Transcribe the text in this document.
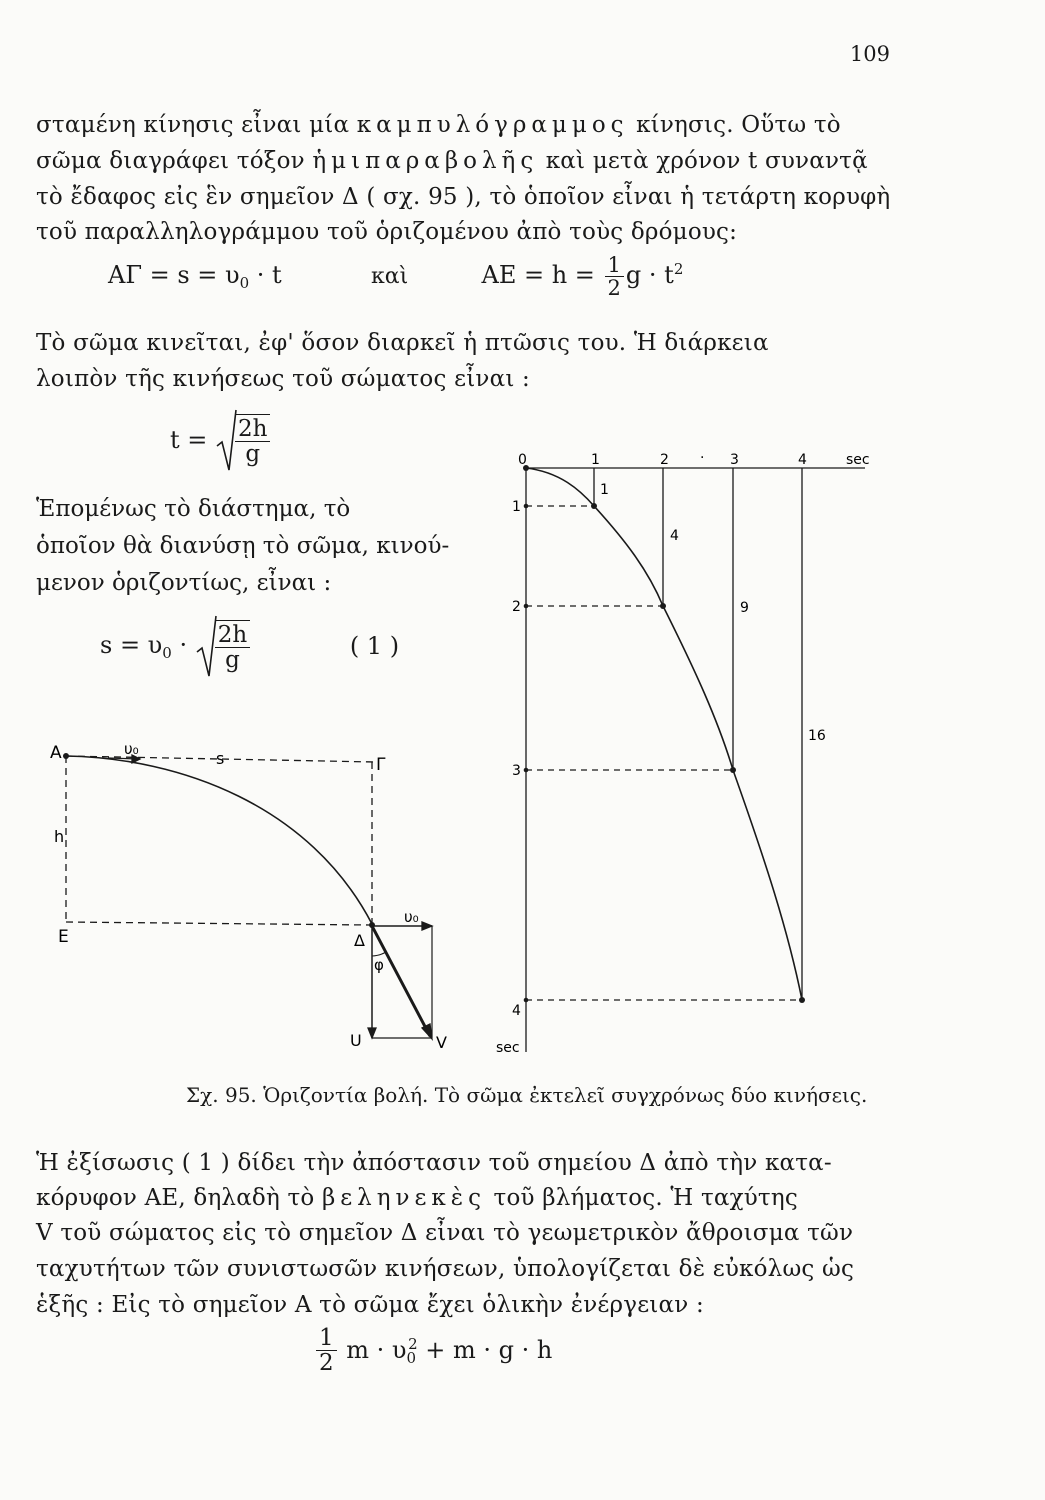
109
σταμένη κίνησις εἶναι μία καμπυλόγραμμος κίνησις. Οὕτω τὸ
σῶμα διαγράφει τόξον ἡμιπαραβολῆς καὶ μετὰ χρόνον t συναντᾷ
τὸ ἔδαφος εἰς ἓν σημεῖον Δ ( σχ. 95 ), τὸ ὁποῖον εἶναι ἡ τετάρτη κορυφὴ
τοῦ παραλληλογράμμου τοῦ ὁριζομένου ἀπὸ τοὺς δρόμους:
$A\Gamma = s = \upsilon_0 \cdot t$	καὶ	$AE = h = \frac{1}{2}$ $g \cdot t^2$
Τὸ σῶμα κινεῖται, ἐφ' ὅσον διαρκεῖ ἡ πτῶσις του. Ἡ διάρκεια
λοιπὸν τῆς κινήσεως τοῦ σώματος εἶναι :
$t = \frac{2h}{g}$
Ἑπομένως τὸ διάστημα, τὸ
ὁποῖον θὰ διανύσῃ τὸ σῶμα, κινού-
μενον ὁριζοντίως, εἶναι :
$s = \upsilon_0 \cdot \frac{2h}{g}$	( 1 )
A
Γ
E	Δ
υ₀	s
h
υ₀
φ
U	V
0	1	2 · 3	4	sec
1
2
3
4
sec
1
4
9
16
Σχ. 95. Ὁριζοντία βολή. Τὸ σῶμα ἐκτελεῖ συγχρόνως δύο κινήσεις.
Ἡ ἐξίσωσις ( 1 ) δίδει τὴν ἀπόστασιν τοῦ σημείου Δ ἀπὸ τὴν κατα-
κόρυφον ΑΕ, δηλαδὴ τὸ βεληνεκὲς τοῦ βλήματος. Ἡ ταχύτης
V τοῦ σώματος εἰς τὸ σημεῖον Δ εἶναι τὸ γεωμετρικὸν ἄθροισμα τῶν
ταχυτήτων τῶν συνιστωσῶν κινήσεων, ὑπολογίζεται δὲ εὐκόλως ὡς
ἑξῆς : Εἰς τὸ σημεῖον Α τὸ σῶμα ἔχει ὁλικὴν ἐνέργειαν :
$\frac{1}{2}$ $m \cdot \upsilon_0^2 + m \cdot g \cdot h$
